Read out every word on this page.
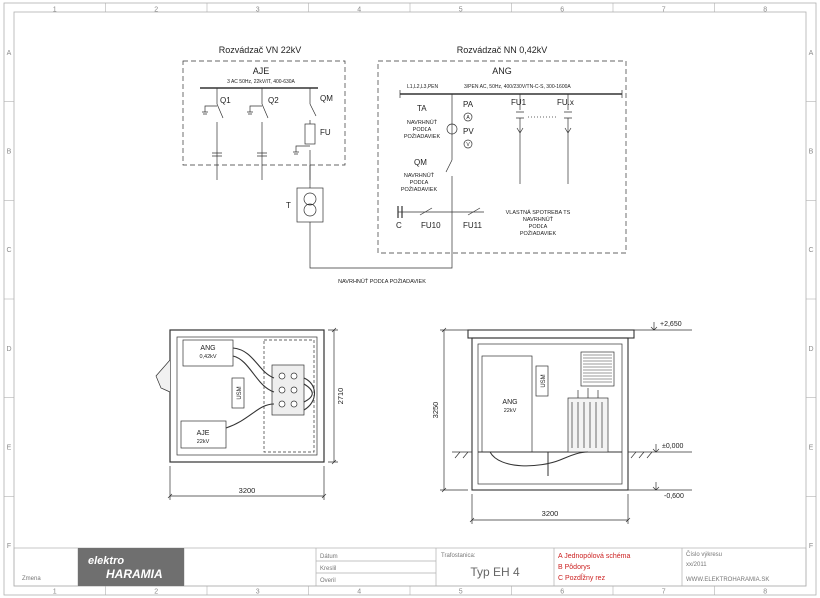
1
1
2
2
3
3
4
4
5
5
6
6
7
7
8
8
A	A
B	B
C	C
D	D
E	E
F	F
Rozvádzač VN 22kV
AJE
3 AC 50Hz, 22kV/IT, 400-630A
Q1	Q2	QM
FU
T
NAVRHNÚŤ PODĽA POŽIADAVIEK
Rozvádzač NN 0,42kV
ANG
L1,L2,L3,PEN	3/PEN AC, 50Hz, 400/230V/TN-C-S, 300-1600A
TA
NAVRHNÚŤ
PODĽA
POŽIADAVIEK
PA
A
PV
V
QM
NAVRHNÚŤ
PODĽA
POŽIADAVIEK
FU1	FU.x
C FU10	FU11
VLASTNÁ SPOTREBA TS
NAVRHNÚŤ
PODĽA
POŽIADAVIEK
ANG
0,42kV
AJE
22kV
USM
3200
2710	ANG
22kV
USM
3250
3200
+2,650
±0,000
-0,600
elektro
HARAMIA
Zmena
Dátum
Kreslil
Overil
Trafostanica:
Typ EH 4
A Jednopólová schéma
B Pôdorys
C Pozdĺžny rez
Číslo výkresu
xx/2011
WWW.ELEKTROHARAMIA.SK
